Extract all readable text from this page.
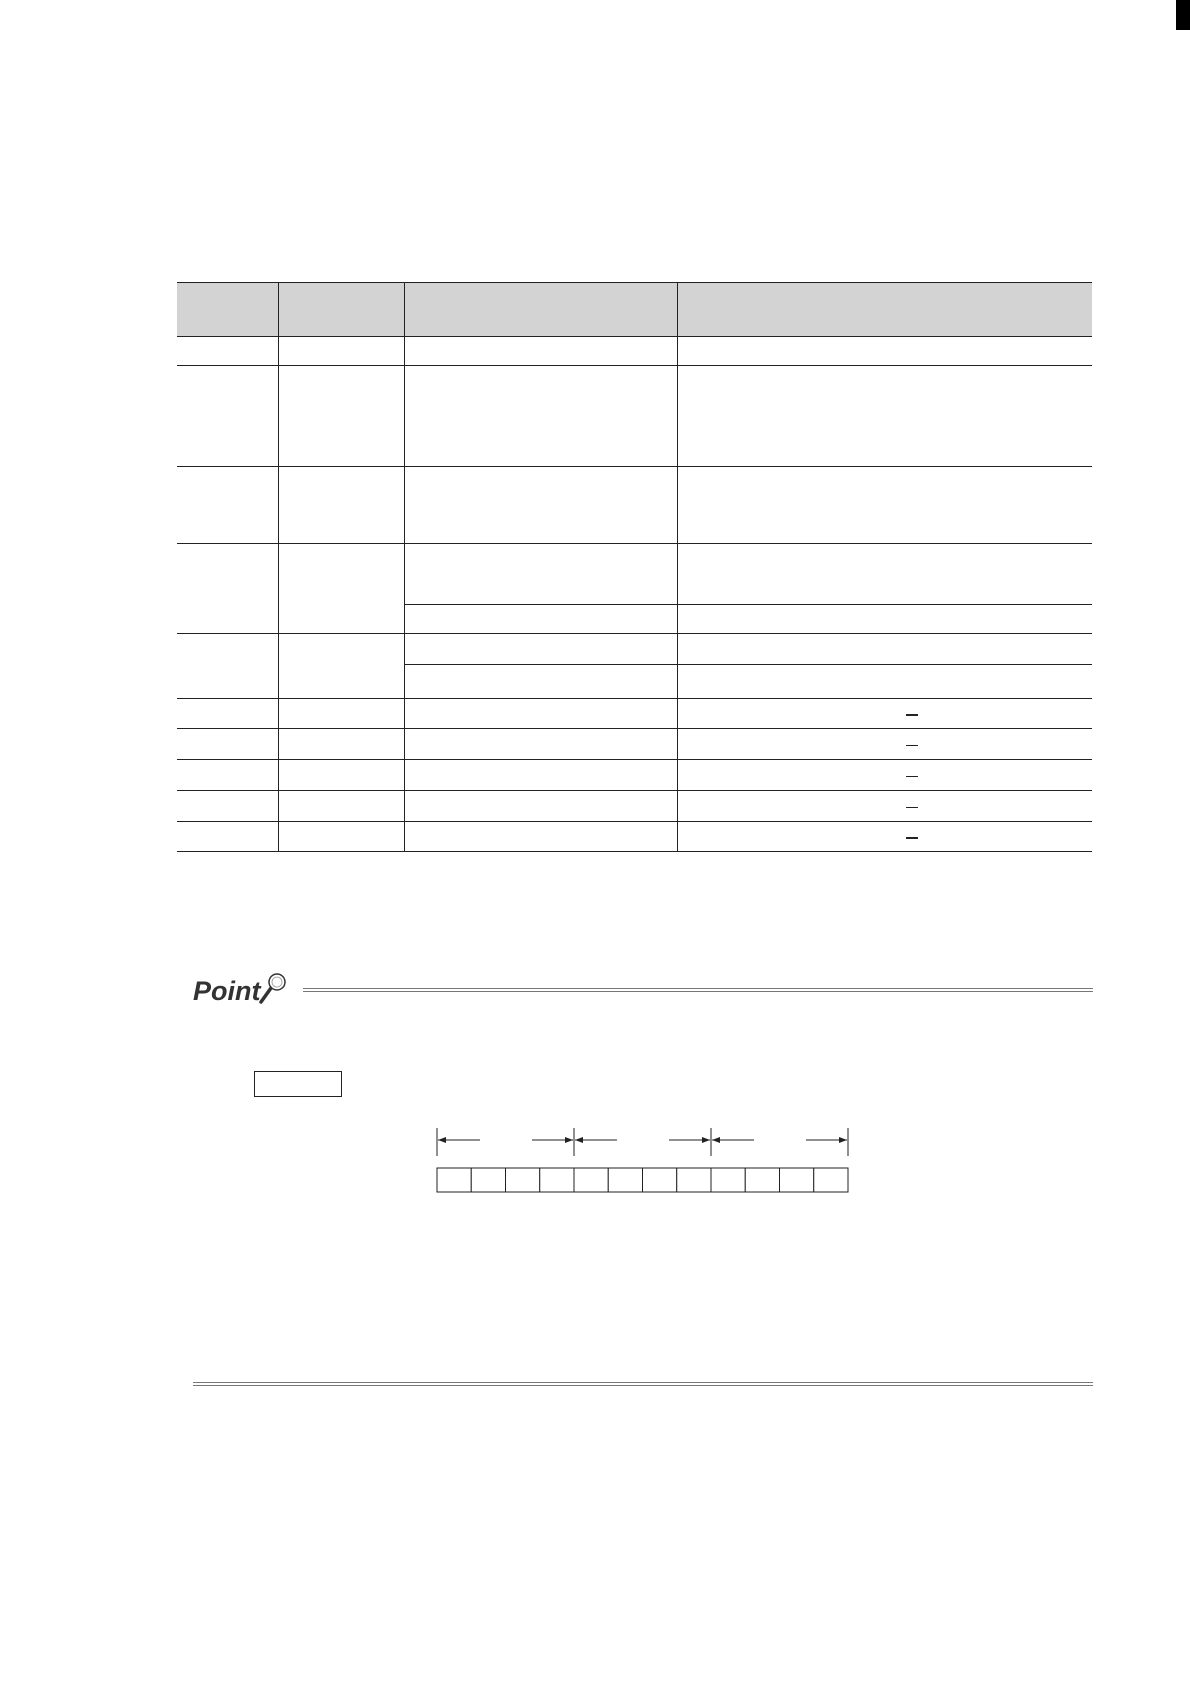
Point
